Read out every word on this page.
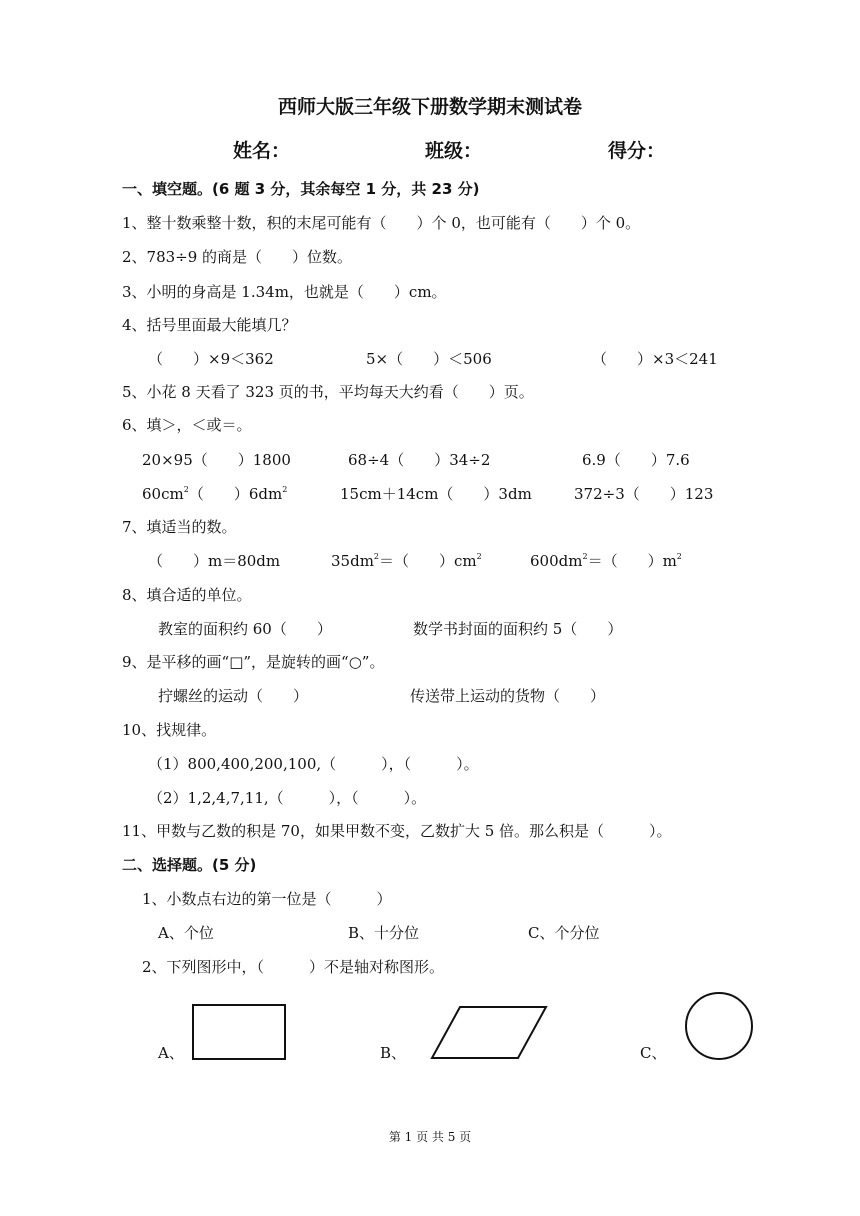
西师大版三年级下册数学期末测试卷
姓名：	班级：	得分：
一、填空题。(6 题 3 分，其余每空 1 分，共 23 分)
1、整十数乘整十数，积的末尾可能有（　　）个 0，也可能有（　　）个 0。
2、783÷9 的商是（　　）位数。
3、小明的身高是 1.34m，也就是（　　）cm。
4、括号里面最大能填几？
（　　）×9＜362	5×（　　）＜506	（　　）×3＜241
5、小花 8 天看了 323 页的书，平均每天大约看（　　）页。
6、填＞，＜或＝。
20×95（　　）1800	68÷4（　　）34÷2	6.9（　　）7.6
$60cm^2$（　　）$6dm^2$	15cm＋14cm（　　）3dm	372÷3（　　）123
7、填适当的数。
（　　）m＝80dm	$35dm^2=$（　　）$cm^2$	$600dm^2=$（　　）$m^2$
8、填合适的单位。
教室的面积约 60（　　）	数学书封面的面积约 5（　　）
9、是平移的画“□”，是旋转的画“○”。
拧螺丝的运动（　　）	传送带上运动的货物（　　）
10、找规律。
（1）800,400,200,100,（　　　），（　　　）。
（2）1,2,4,7,11,（　　　），（　　　）。
11、甲数与乙数的积是 70，如果甲数不变，乙数扩大 5 倍。那么积是（　　　）。
二、选择题。(5 分)
1、小数点右边的第一位是（　　　）
A、个位	B、十分位	C、个分位
2、下列图形中，（　　　）不是轴对称图形。
A、	B、	C、
第 1 页 共 5 页
